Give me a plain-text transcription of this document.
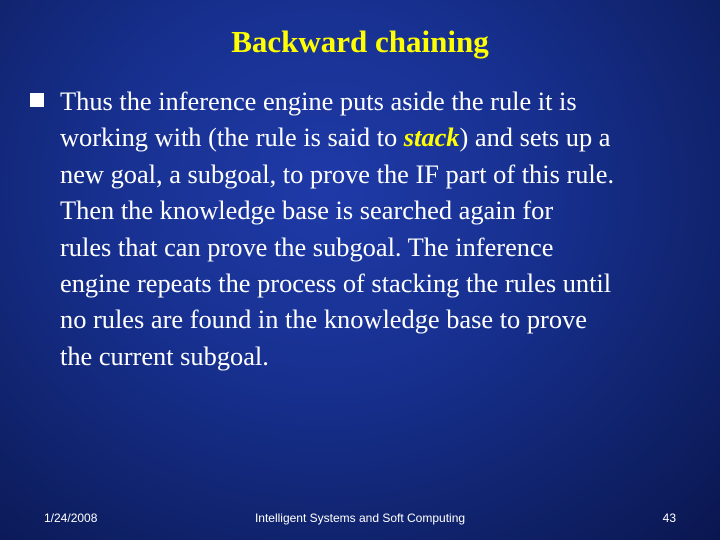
Backward chaining
Thus the inference engine puts aside the rule it is
working with (the rule is said to stack) and sets up a
new goal, a subgoal, to prove the IF part of this rule.
Then the knowledge base is searched again for
rules that can prove the subgoal. The inference
engine repeats the process of stacking the rules until
no rules are found in the knowledge base to prove
the current subgoal.
1/24/2008	Intelligent Systems and Soft Computing	43
